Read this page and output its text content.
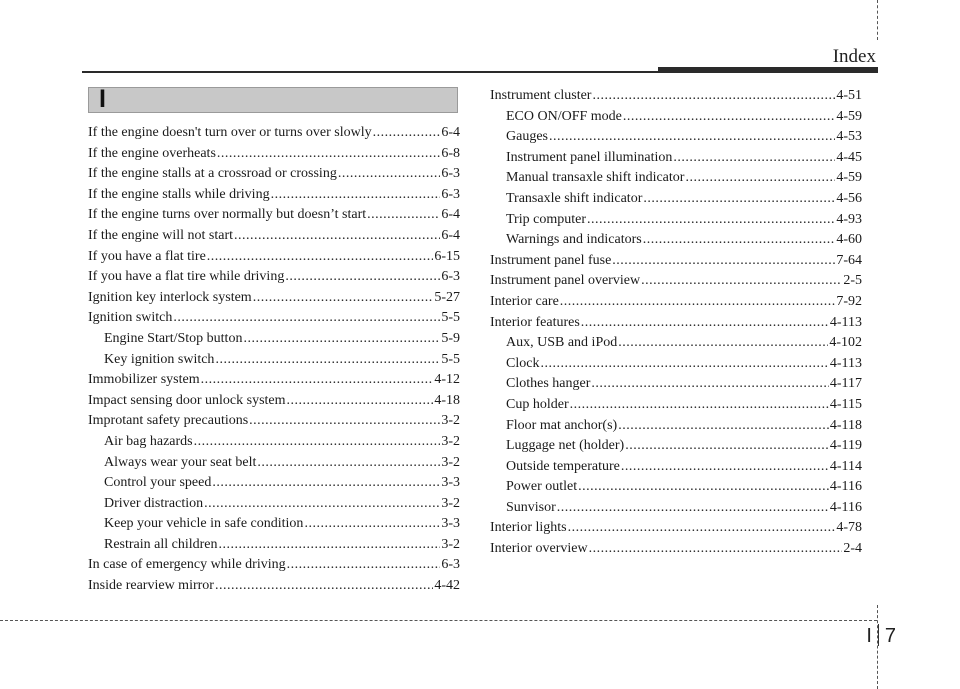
Index
I
If the engine doesn't turn over or turns over slowly .....	6-4
If the engine overheats .....	6-8
If the engine stalls at a crossroad or crossing .....	6-3
If the engine stalls while driving .....	6-3
If the engine turns over normally but doesn’t start .....	6-4
If the engine will not start .....	6-4
If you have a flat tire .....	6-15
If you have a flat tire while driving .....	6-3
Ignition key interlock system .....	5-27
Ignition switch .....	5-5
Engine Start/Stop button .....	5-9
Key ignition switch .....	5-5
Immobilizer system .....	4-12
Impact sensing door unlock system .....	4-18
Improtant safety precautions .....	3-2
Air bag hazards .....	3-2
Always wear your seat belt .....	3-2
Control your speed .....	3-3
Driver distraction .....	3-2
Keep your vehicle in safe condition .....	3-3
Restrain all children .....	3-2
In case of emergency while driving .....	6-3
Inside rearview mirror .....	4-42
Instrument cluster .....	4-51
ECO ON/OFF mode .....	4-59
Gauges .....	4-53
Instrument panel illumination .....	4-45
Manual transaxle shift indicator .....	4-59
Transaxle shift indicator .....	4-56
Trip computer .....	4-93
Warnings and indicators .....	4-60
Instrument panel fuse .....	7-64
Instrument panel overview .....	2-5
Interior care .....	7-92
Interior features .....	4-113
Aux, USB and iPod .....	4-102
Clock .....	4-113
Clothes hanger .....	4-117
Cup holder .....	4-115
Floor mat anchor(s) .....	4-118
Luggage net (holder) .....	4-119
Outside temperature .....	4-114
Power outlet .....	4-116
Sunvisor .....	4-116
Interior lights .....	4-78
Interior overview .....	2-4
I 7
